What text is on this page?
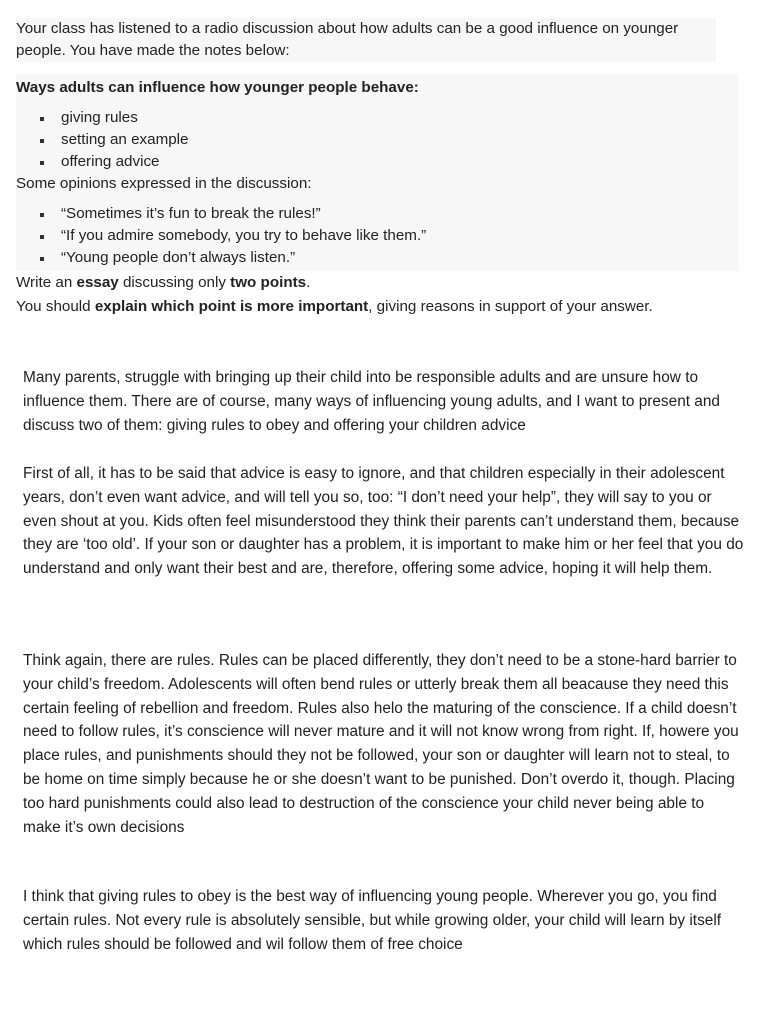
Your class has listened to a radio discussion about how adults can be a good influence on younger people. You have made the notes below:

Ways adults can influence how younger people behave:

giving rules
setting an example
offering advice

Some opinions expressed in the discussion:

“Sometimes it’s fun to break the rules!”
“If you admire somebody, you try to behave like them.”
“Young people don’t always listen.”

Write an essay discussing only two points.

You should explain which point is more important, giving reasons in support of your answer.

Many parents, struggle with bringing up their child into be responsible adults and are unsure how to influence them. There are of course, many ways of influencing young adults, and I want to present and discuss two of them: giving rules to obey and offering your children advice

First of all, it has to be said that advice is easy to ignore, and that children especially in their adolescent years, don’t even want advice, and will tell you so, too: “I don’t need your help”, they will say to you or even shout at you. Kids often feel misunderstood they think their parents can’t understand them, because they are ‘too old’. If your son or daughter has a problem, it is important to make him or her feel that you do understand and only want their best and are, therefore, offering some advice, hoping it will help them.

Think again, there are rules. Rules can be placed differently, they don’t need to be a stone-hard barrier to your child’s freedom. Adolescents will often bend rules or utterly break them all beacause they need this certain feeling of rebellion and freedom. Rules also helo the maturing of the conscience. If a child doesn’t need to follow rules, it’s conscience will never mature and it will not know wrong from right. If, howere you place rules, and punishments should they not be followed, your son or daughter will learn not to steal, to be home on time simply because he or she doesn’t want to be punished. Don’t overdo it, though. Placing too hard punishments could also lead to destruction of the conscience your child never being able to make it’s own decisions

I think that giving rules to obey is the best way of influencing young people. Wherever you go, you find certain rules. Not every rule is absolutely sensible, but while growing older, your child will learn by itself which rules should be followed and wil follow them of free choice
